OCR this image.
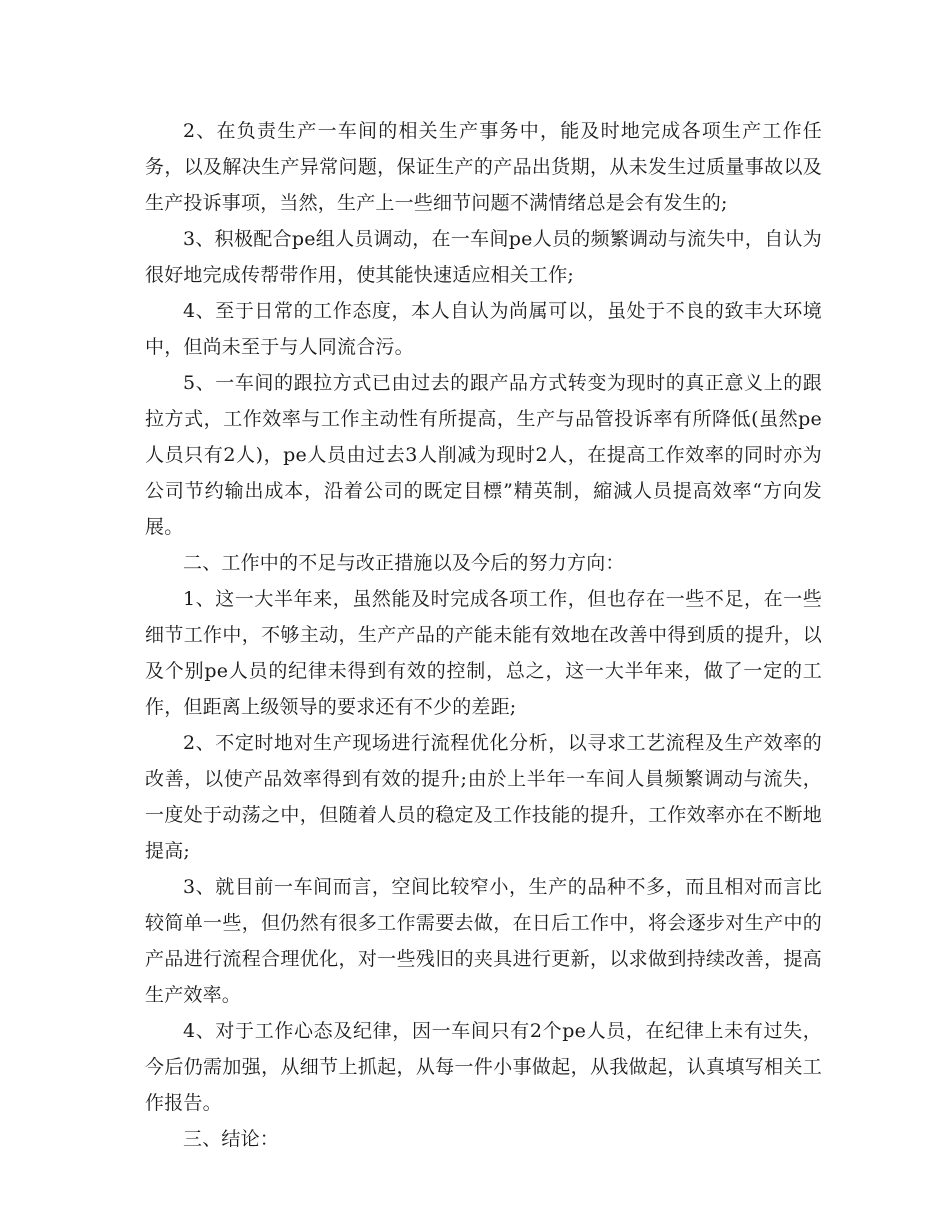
2、在负责生产一车间的相关生产事务中，能及时地完成各项生产工作任务，以及解决生产异常问题，保证生产的产品出货期，从未发生过质量事故以及生产投诉事项，当然，生产上一些细节问题不满情绪总是会有发生的;

3、积极配合pe组人员调动，在一车间pe人员的频繁调动与流失中，自认为很好地完成传帮带作用，使其能快速适应相关工作;

4、至于日常的工作态度，本人自认为尚属可以，虽处于不良的致丰大环境中，但尚未至于与人同流合污。

5、一车间的跟拉方式已由过去的跟产品方式转变为现时的真正意义上的跟拉方式，工作效率与工作主动性有所提高，生产与品管投诉率有所降低(虽然pe人员只有2人)，pe人员由过去3人削减为现时2人，在提高工作效率的同时亦为公司节约输出成本，沿着公司的既定目標”精英制，縮減人员提高效率“方向发展。

二、工作中的不足与改正措施以及今后的努力方向：

1、这一大半年来，虽然能及时完成各项工作，但也存在一些不足，在一些细节工作中，不够主动，生产产品的产能未能有效地在改善中得到质的提升，以及个别pe人员的纪律未得到有效的控制，总之，这一大半年来，做了一定的工作，但距离上级领导的要求还有不少的差距;

2、不定时地对生产现场进行流程优化分析，以寻求工艺流程及生产效率的改善，以使产品效率得到有效的提升;由於上半年一车间人員频繁调动与流失，一度处于动荡之中，但随着人员的稳定及工作技能的提升，工作效率亦在不断地提高;

3、就目前一车间而言，空间比较窄小，生产的品种不多，而且相对而言比较简单一些，但仍然有很多工作需要去做，在日后工作中，将会逐步对生产中的产品进行流程合理优化，对一些残旧的夹具进行更新，以求做到持续改善，提高生产效率。

4、对于工作心态及纪律，因一车间只有2个pe人员，在纪律上未有过失，今后仍需加强，从细节上抓起，从每一件小事做起，从我做起，认真填写相关工作报告。

三、结论：
